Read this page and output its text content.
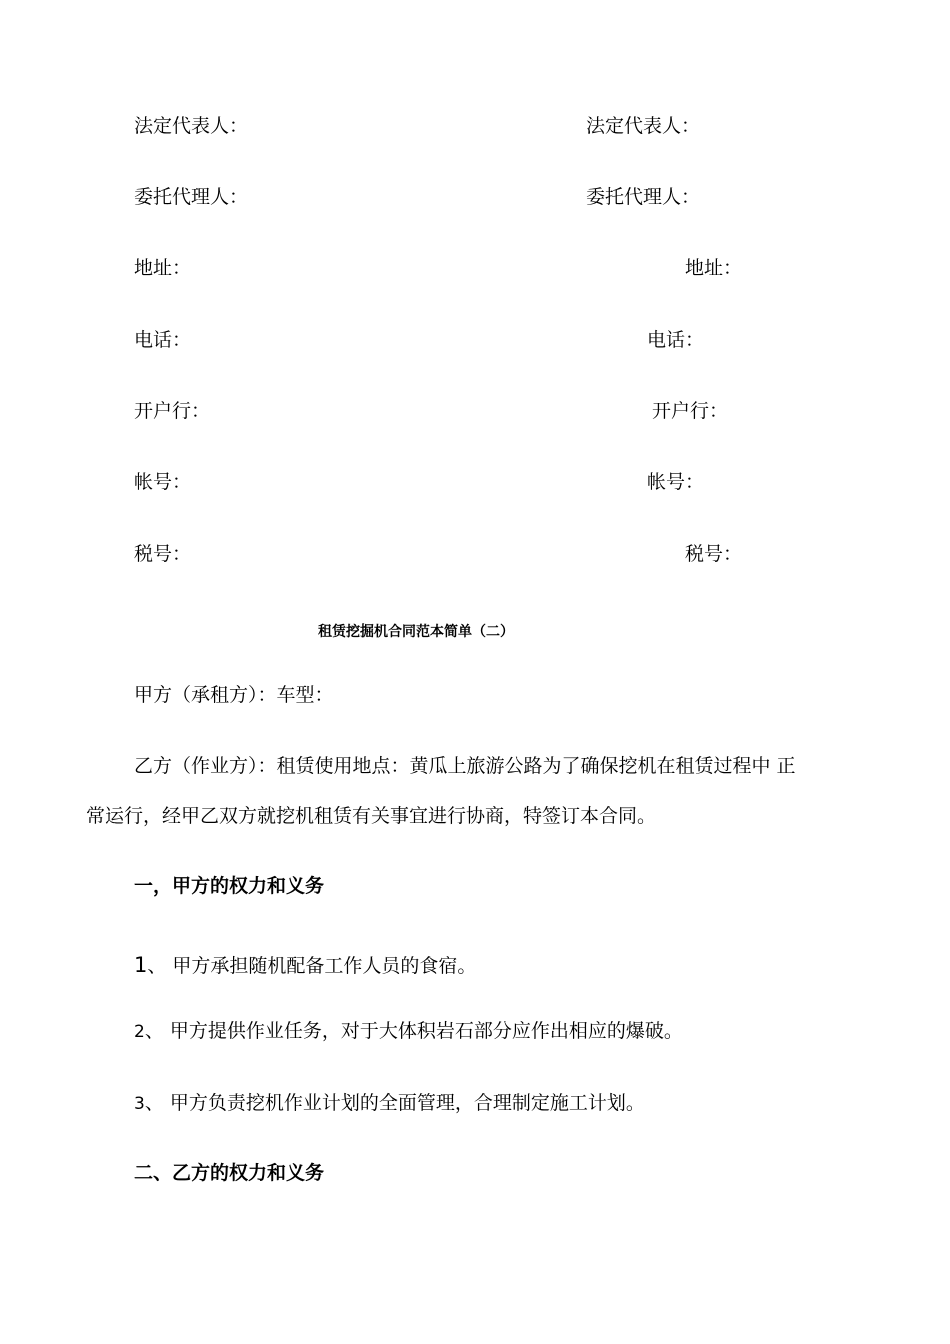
法定代表人：
委托代理人：
地址：
电话：
开户行：
帐号：
税号：
法定代表人：
委托代理人：
地址：
电话：
开户行：
帐号：
税号：
租赁挖掘机合同范本简单（二）
甲方（承租方）：车型：
乙方（作业方）：租赁使用地点：黄瓜上旅游公路为了确保挖机在租赁过程中 正
常运行，经甲乙双方就挖机租赁有关事宜进行协商，特签订本合同。
一，甲方的权力和义务
1、 甲方承担随机配备工作人员的食宿。
2、 甲方提供作业任务，对于大体积岩石部分应作出相应的爆破。
3、 甲方负责挖机作业计划的全面管理，合理制定施工计划。
二、乙方的权力和义务
